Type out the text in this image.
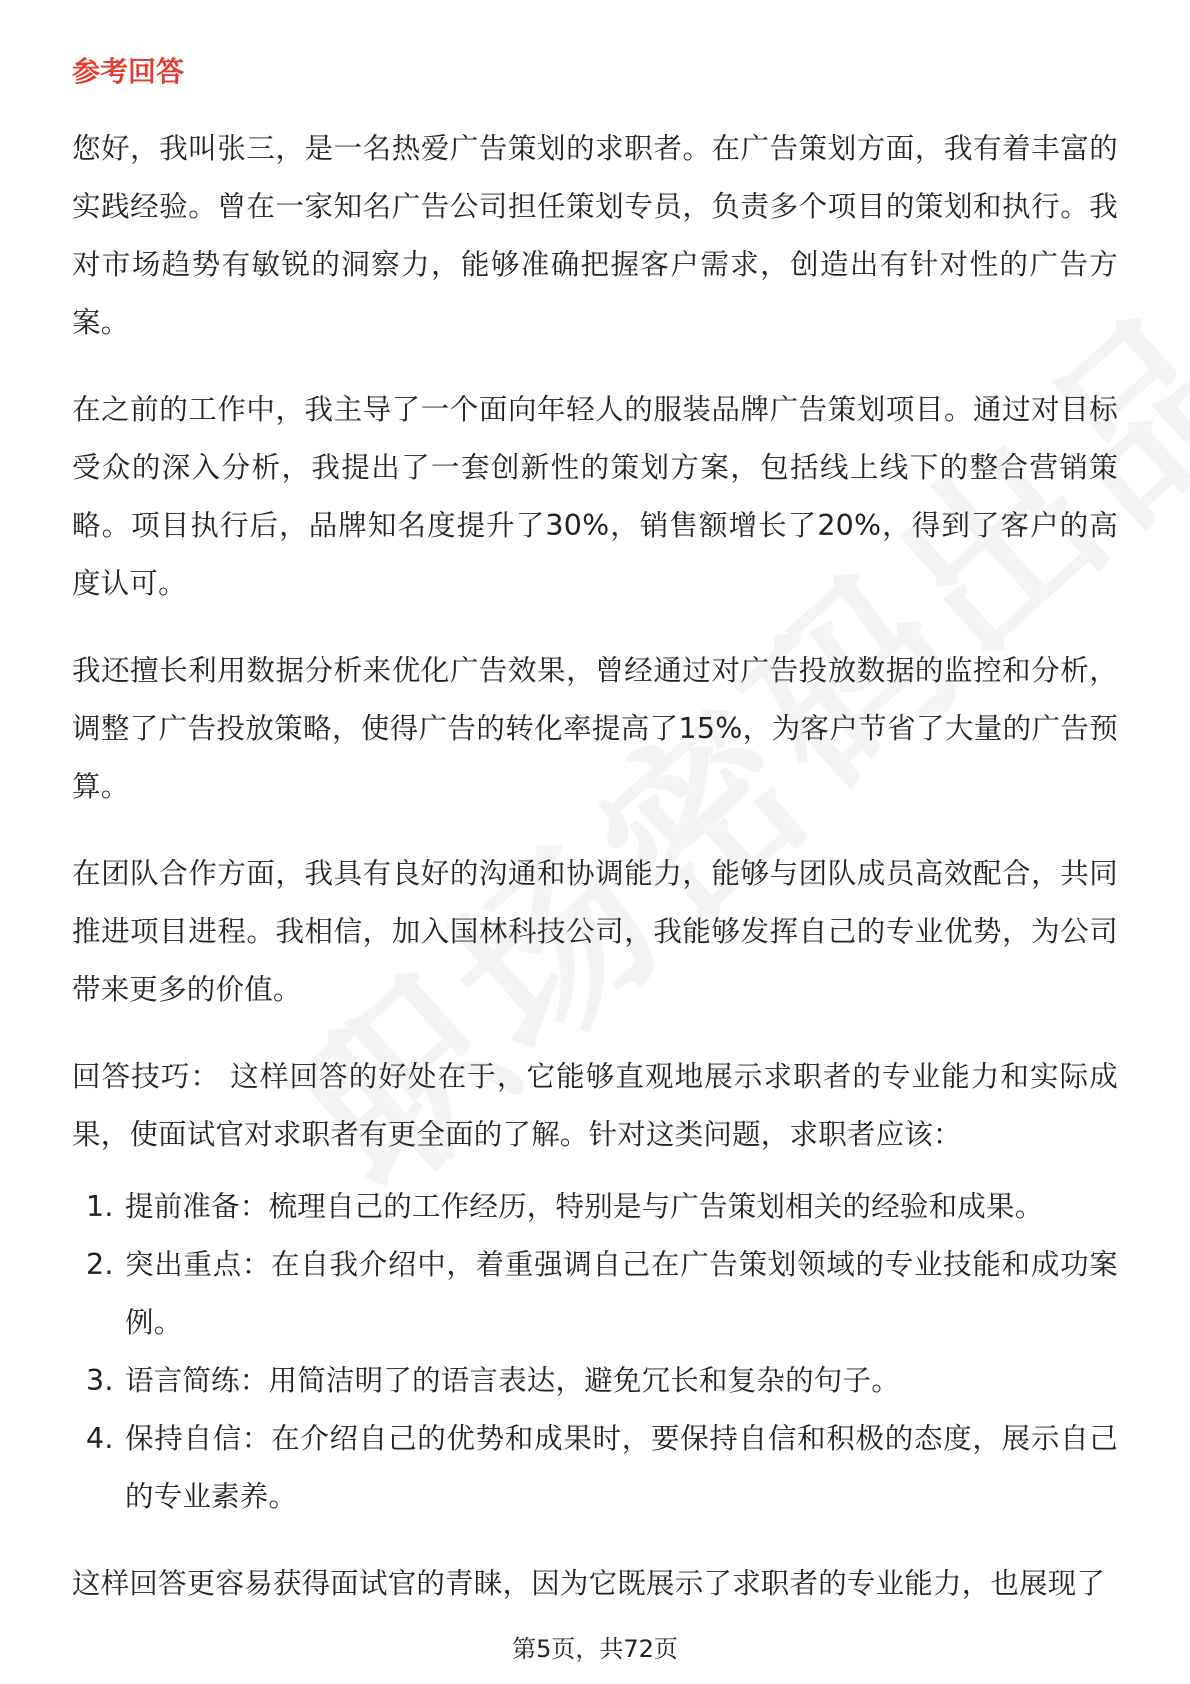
参考回答

您好，我叫张三，是一名热爱广告策划的求职者。在广告策划方面，我有着丰富的实践经验。曾在一家知名广告公司担任策划专员，负责多个项目的策划和执行。我对市场趋势有敏锐的洞察力，能够准确把握客户需求，创造出有针对性的广告方案。

在之前的工作中，我主导了一个面向年轻人的服装品牌广告策划项目。通过对目标受众的深入分析，我提出了一套创新性的策划方案，包括线上线下的整合营销策略。项目执行后，品牌知名度提升了30%，销售额增长了20%，得到了客户的高度认可。

我还擅长利用数据分析来优化广告效果，曾经通过对广告投放数据的监控和分析，调整了广告投放策略，使得广告的转化率提高了15%，为客户节省了大量的广告预算。

在团队合作方面，我具有良好的沟通和协调能力，能够与团队成员高效配合，共同推进项目进程。我相信，加入国林科技公司，我能够发挥自己的专业优势，为公司带来更多的价值。

回答技巧： 这样回答的好处在于，它能够直观地展示求职者的专业能力和实际成果，使面试官对求职者有更全面的了解。针对这类问题，求职者应该：

1. 提前准备：梳理自己的工作经历，特别是与广告策划相关的经验和成果。
2. 突出重点：在自我介绍中，着重强调自己在广告策划领域的专业技能和成功案例。
3. 语言简练：用简洁明了的语言表达，避免冗长和复杂的句子。
4. 保持自信：在介绍自己的优势和成果时，要保持自信和积极的态度，展示自己的专业素养。

这样回答更容易获得面试官的青睐，因为它既展示了求职者的专业能力，也展现了

第5页，共72页
